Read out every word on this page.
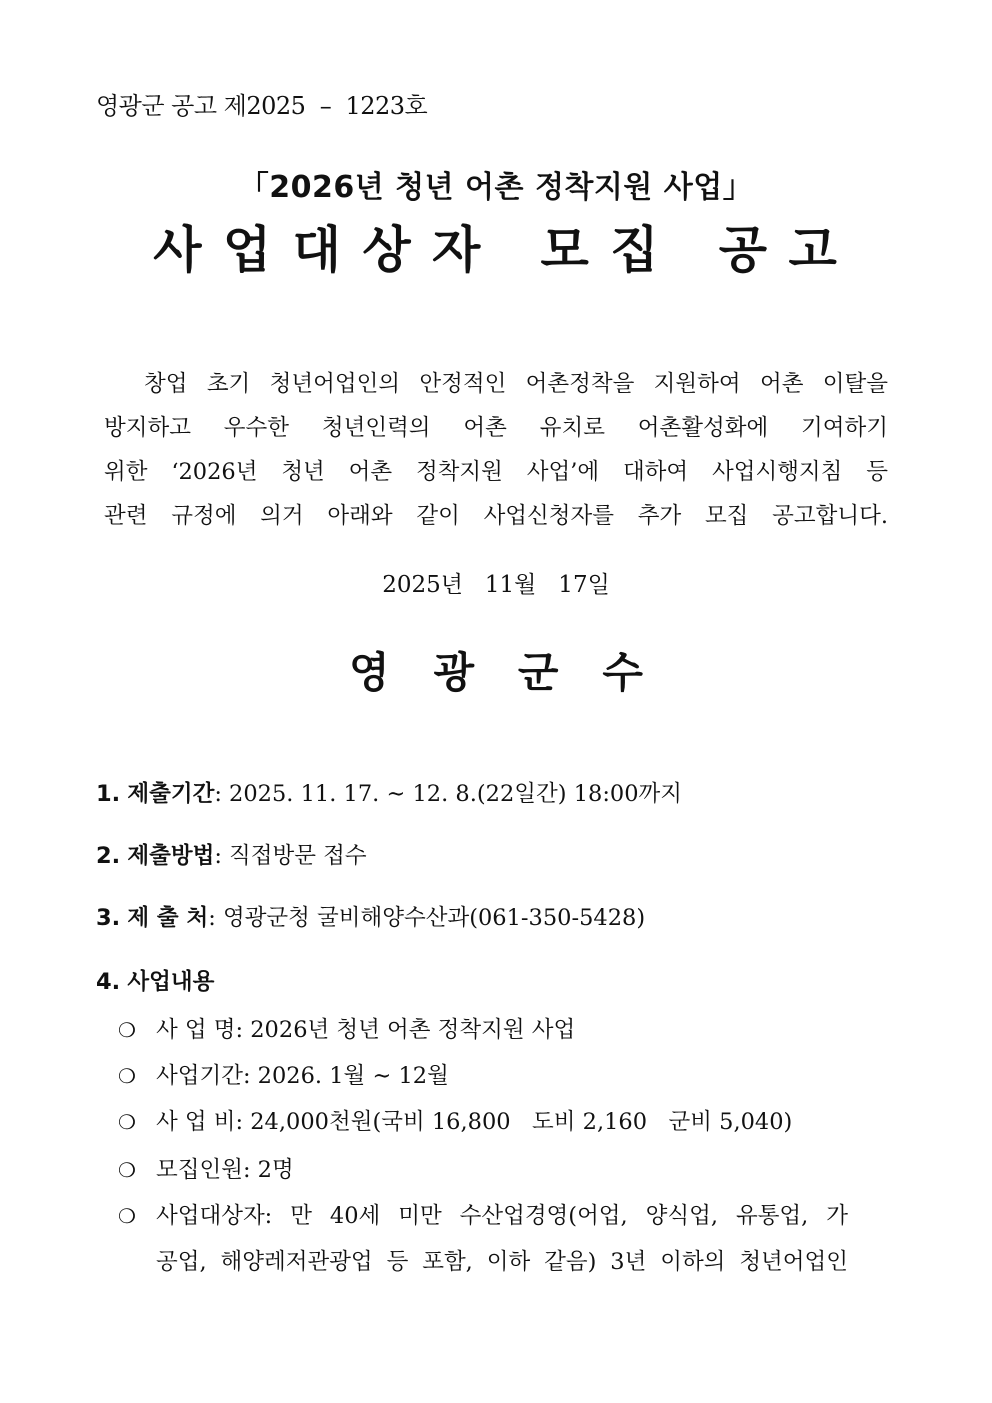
영광군 공고 제2025  –  1223호
「2026년 청년 어촌 정착지원 사업」
사 업 대 상 자   모 집   공 고
창업 초기 청년어업인의 안정적인 어촌정착을 지원하여 어촌 이탈을
방지하고 우수한 청년인력의 어촌 유치로 어촌활성화에 기여하기
위한 ‘2026년 청년 어촌 정착지원 사업’에 대하여 사업시행지침 등
관련 규정에 의거 아래와 같이 사업신청자를 추가 모집 공고합니다.
2025년   11월   17일
영   광   군   수
1. 제출기간: 2025. 11. 17. ∼ 12. 8.(22일간) 18:00까지
2. 제출방법: 직접방문 접수
3. 제 출 처: 영광군청 굴비해양수산과(061-350-5428)
4. 사업내용
❍ 사 업 명: 2026년 청년 어촌 정착지원 사업
❍ 사업기간: 2026. 1월 ∼ 12월
❍ 사 업 비: 24,000천원(국비 16,800   도비 2,160   군비 5,040)
❍ 모집인원: 2명
❍ 사업대상자: 만 40세 미만 수산업경영(어업, 양식업, 유통업, 가
공업, 해양레저관광업 등 포함, 이하 같음) 3년 이하의 청년어업인
